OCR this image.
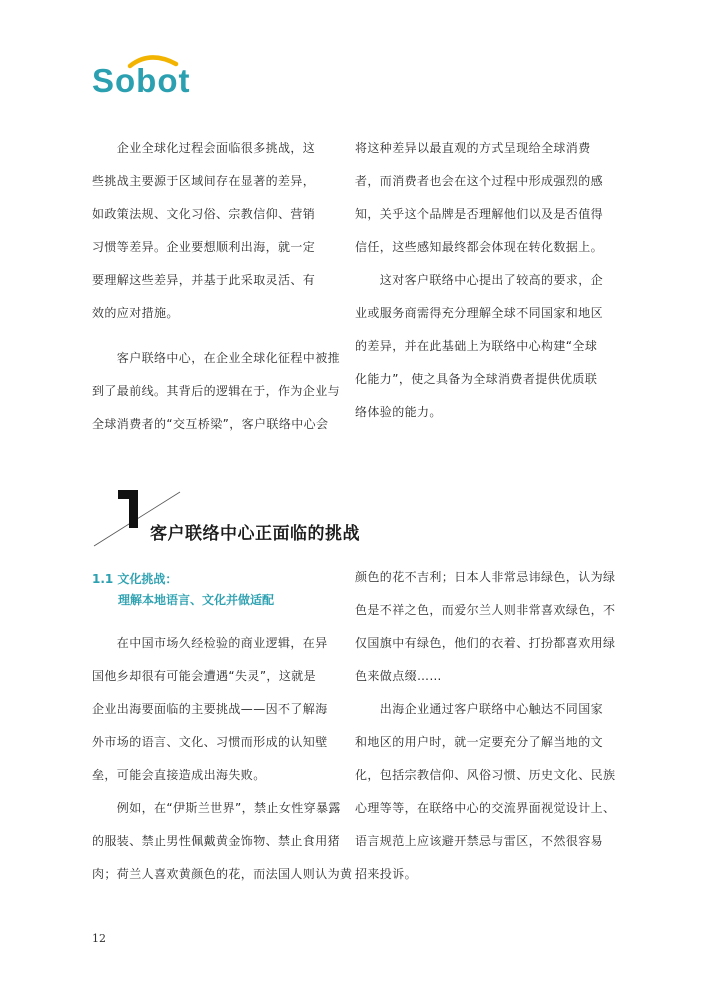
Sobot
　　企业全球化过程会面临很多挑战，这
些挑战主要源于区域间存在显著的差异，
如政策法规、文化习俗、宗教信仰、营销
习惯等差异。企业要想顺利出海，就一定
要理解这些差异，并基于此采取灵活、有
效的应对措施。
　　客户联络中心，在企业全球化征程中被推
到了最前线。其背后的逻辑在于，作为企业与
全球消费者的“交互桥梁”，客户联络中心会
将这种差异以最直观的方式呈现给全球消费
者，而消费者也会在这个过程中形成强烈的感
知，关乎这个品牌是否理解他们以及是否值得
信任，这些感知最终都会体现在转化数据上。
　　这对客户联络中心提出了较高的要求，企
业或服务商需得充分理解全球不同国家和地区
的差异，并在此基础上为联络中心构建“全球
化能力”，使之具备为全球消费者提供优质联
络体验的能力。
客户联络中心正面临的挑战
1.1 文化挑战：
理解本地语言、文化并做适配
　　在中国市场久经检验的商业逻辑，在异
国他乡却很有可能会遭遇“失灵”，这就是
企业出海要面临的主要挑战——因不了解海
外市场的语言、文化、习惯而形成的认知壁
垒，可能会直接造成出海失败。
　　例如，在“伊斯兰世界”，禁止女性穿暴露
的服装、禁止男性佩戴黄金饰物、禁止食用猪
肉；荷兰人喜欢黄颜色的花，而法国人则认为黄
颜色的花不吉利；日本人非常忌讳绿色，认为绿
色是不祥之色，而爱尔兰人则非常喜欢绿色，不
仅国旗中有绿色，他们的衣着、打扮都喜欢用绿
色来做点缀……
　　出海企业通过客户联络中心触达不同国家
和地区的用户时，就一定要充分了解当地的文
化，包括宗教信仰、风俗习惯、历史文化、民族
心理等等，在联络中心的交流界面视觉设计上、
语言规范上应该避开禁忌与雷区，不然很容易
招来投诉。
12
